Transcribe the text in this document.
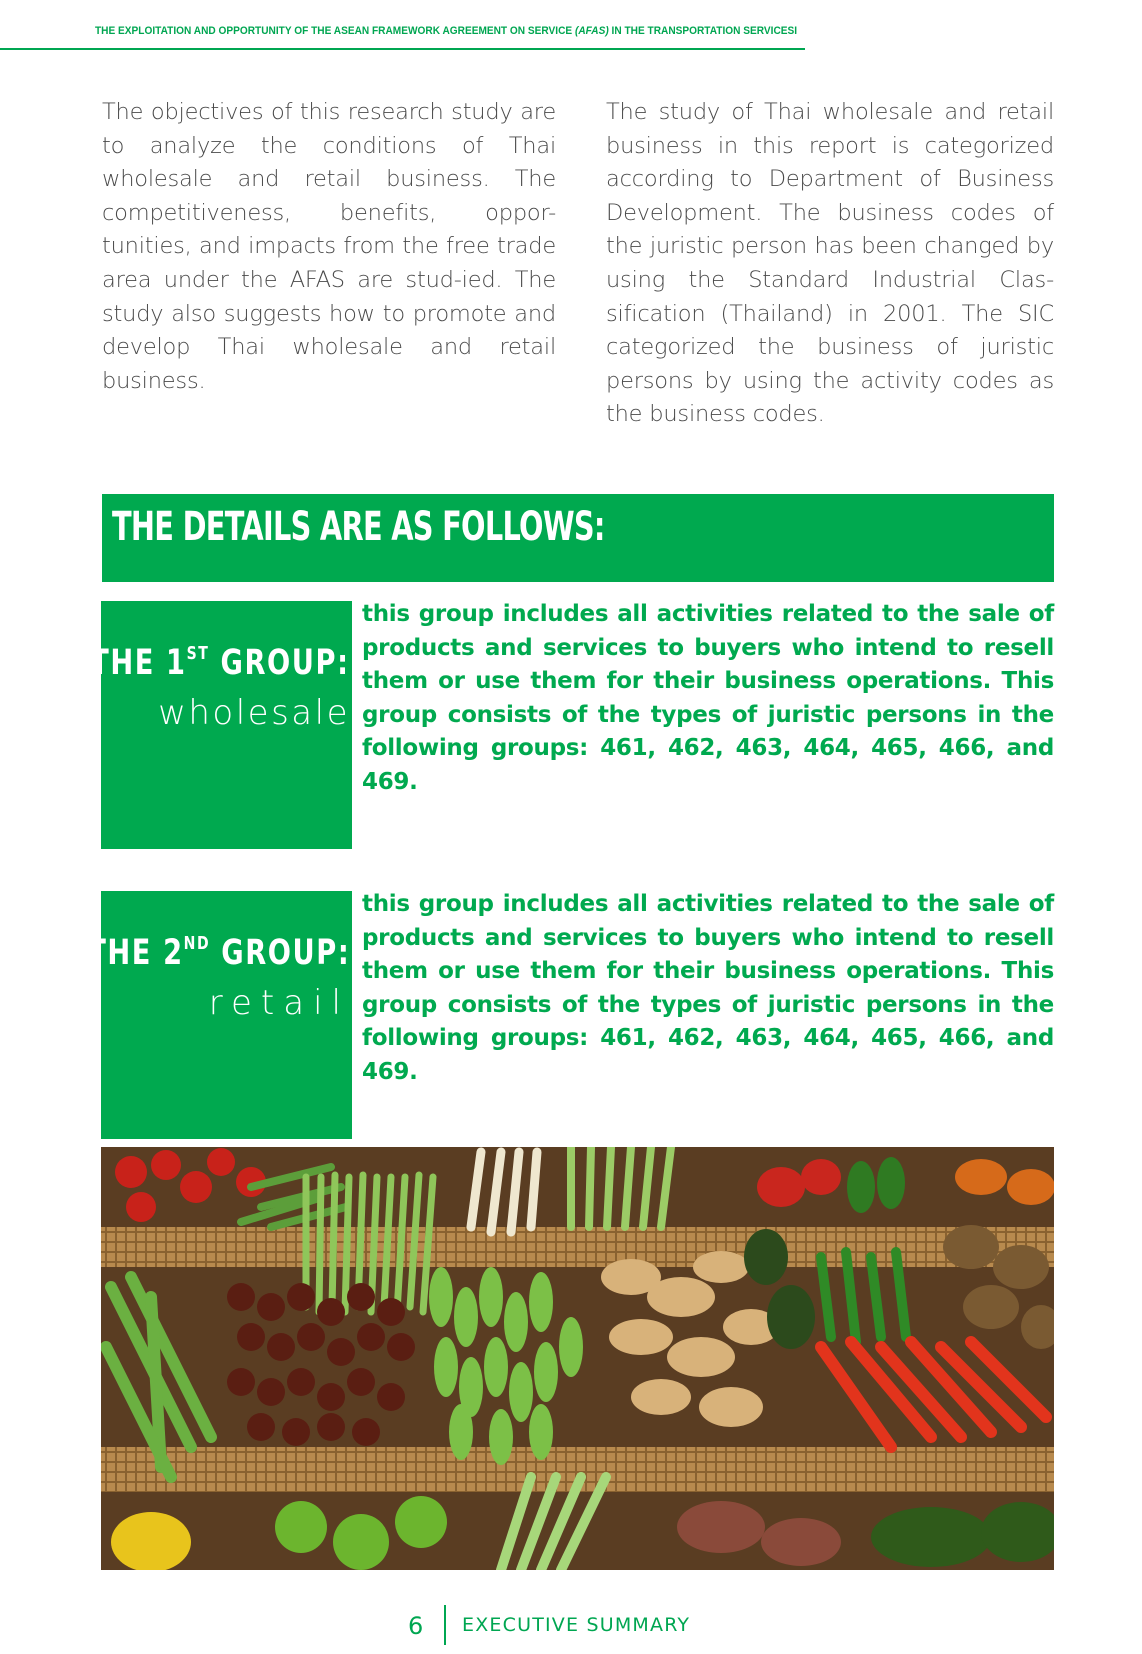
THE EXPLOITATION AND OPPORTUNITY OF THE ASEAN FRAMEWORK AGREEMENT ON SERVICE (AFAS) IN THE TRANSPORTATION SERVICESI
The objectives of this research study are to analyze the conditions of Thai wholesale and retail business. The competitiveness, benefits, oppor-tunities, and impacts from the free trade area under the AFAS are stud-ied. The study also suggests how to promote and develop Thai wholesale and retail business.
The study of Thai wholesale and retail business in this report is categorized according to Department of Business Development. The business codes of the juristic person has been changed by using the Standard Industrial Clas-sification (Thailand) in 2001. The SIC categorized the business of juristic persons by using the activity codes as the business codes.
THE DETAILS ARE AS FOLLOWS:
THE 1ST GROUP:
wholesale
this group includes all activities related to the sale of products and services to buyers who intend to resell them or use them for their business operations. This group consists of the types of juristic persons in the following groups: 461, 462, 463, 464, 465, 466, and 469.
THE 2ND GROUP:
retail
this group includes all activities related to the sale of products and services to buyers who intend to resell them or use them for their business operations. This group consists of the types of juristic persons in the following groups: 461, 462, 463, 464, 465, 466, and 469.
6 EXECUTIVE SUMMARY
